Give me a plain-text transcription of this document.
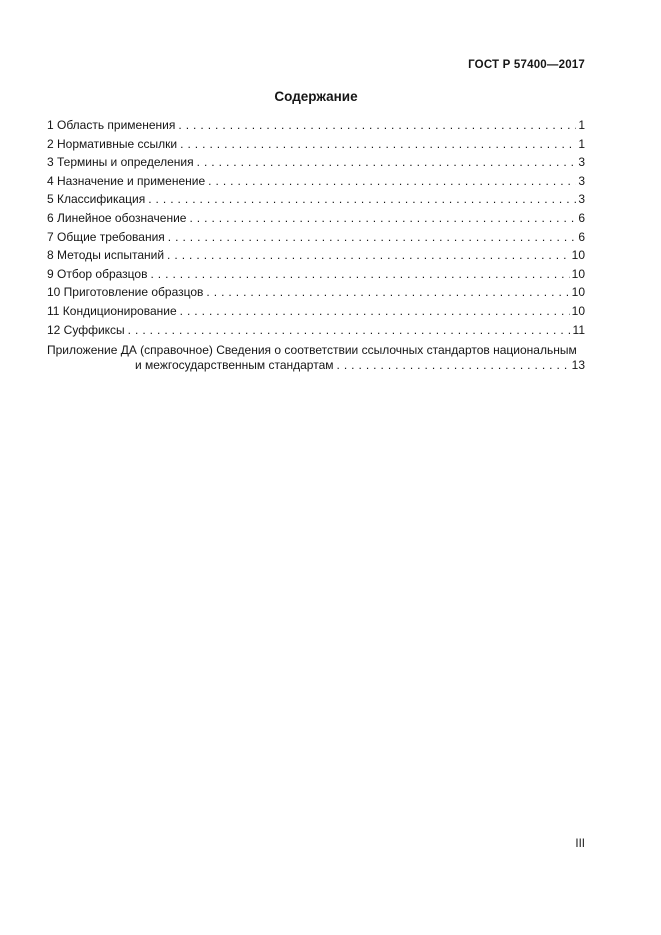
ГОСТ Р 57400—2017
Содержание
1 Область применения .....	1
2 Нормативные ссылки .....	1
3 Термины и определения .....	3
4 Назначение и применение .....	3
5 Классификация .....	3
6 Линейное обозначение .....	6
7 Общие требования .....	6
8 Методы испытаний .....	10
9 Отбор образцов .....	10
10 Приготовление образцов .....	10
11 Кондиционирование .....	10
12 Суффиксы .....	11
Приложение ДА (справочное) Сведения о соответствии ссылочных стандартов национальным
и межгосударственным стандартам .....	13
III
